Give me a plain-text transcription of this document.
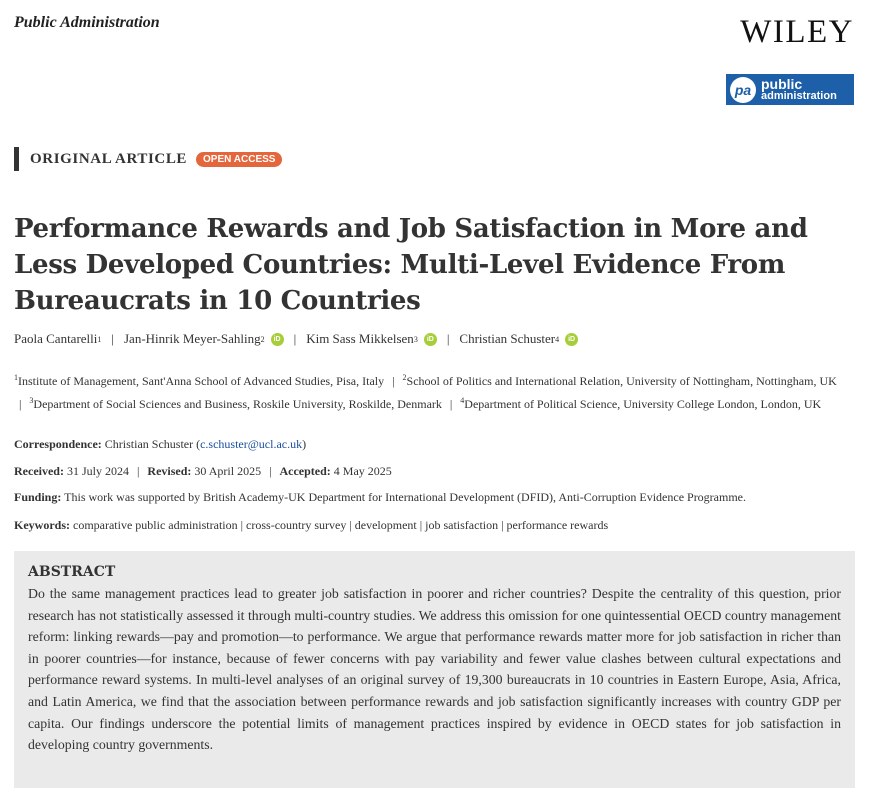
Public Administration	WILEY
pa public
administration
ORIGINAL ARTICLE	OPEN ACCESS
Performance Rewards and Job Satisfaction in More and Less Developed Countries: Multi-Level Evidence From Bureaucrats in 10 Countries
Paola Cantarelli 1 | Jan-Hinrik Meyer-Sahling 2	iD | Kim Sass Mikkelsen 3	iD | Christian Schuster 4	iD
$^1$Institute of Management, Sant'Anna School of Advanced Studies, Pisa, Italy | $^2$School of Politics and International Relation, University of Nottingham, Nottingham, UK | $^3$Department of Social Sciences and Business, Roskile University, Roskilde, Denmark | $^4$Department of Political Science, University College London, London, UK
Correspondence: Christian Schuster (c.schuster@ucl.ac.uk)
Received: 31 July 2024 | Revised: 30 April 2025 | Accepted: 4 May 2025
Funding: This work was supported by British Academy-UK Department for International Development (DFID), Anti-Corruption Evidence Programme.
Keywords: comparative public administration | cross-country survey | development | job satisfaction | performance rewards
ABSTRACT

Do the same management practices lead to greater job satisfaction in poorer and richer countries? Despite the centrality of this question, prior research has not statistically assessed it through multi-country studies. We address this omission for one quintessential OECD country management reform: linking rewards—pay and promotion—to performance. We argue that performance rewards matter more for job satisfaction in richer than in poorer countries—for instance, because of fewer concerns with pay variability and fewer value clashes between cultural expectations and performance reward systems. In multi-level analyses of an original survey of 19,300 bureaucrats in 10 countries in Eastern Europe, Asia, Africa, and Latin America, we find that the association between performance rewards and job satisfaction significantly increases with country GDP per capita. Our findings underscore the potential limits of management practices inspired by evidence in OECD states for job satisfaction in developing country governments.
